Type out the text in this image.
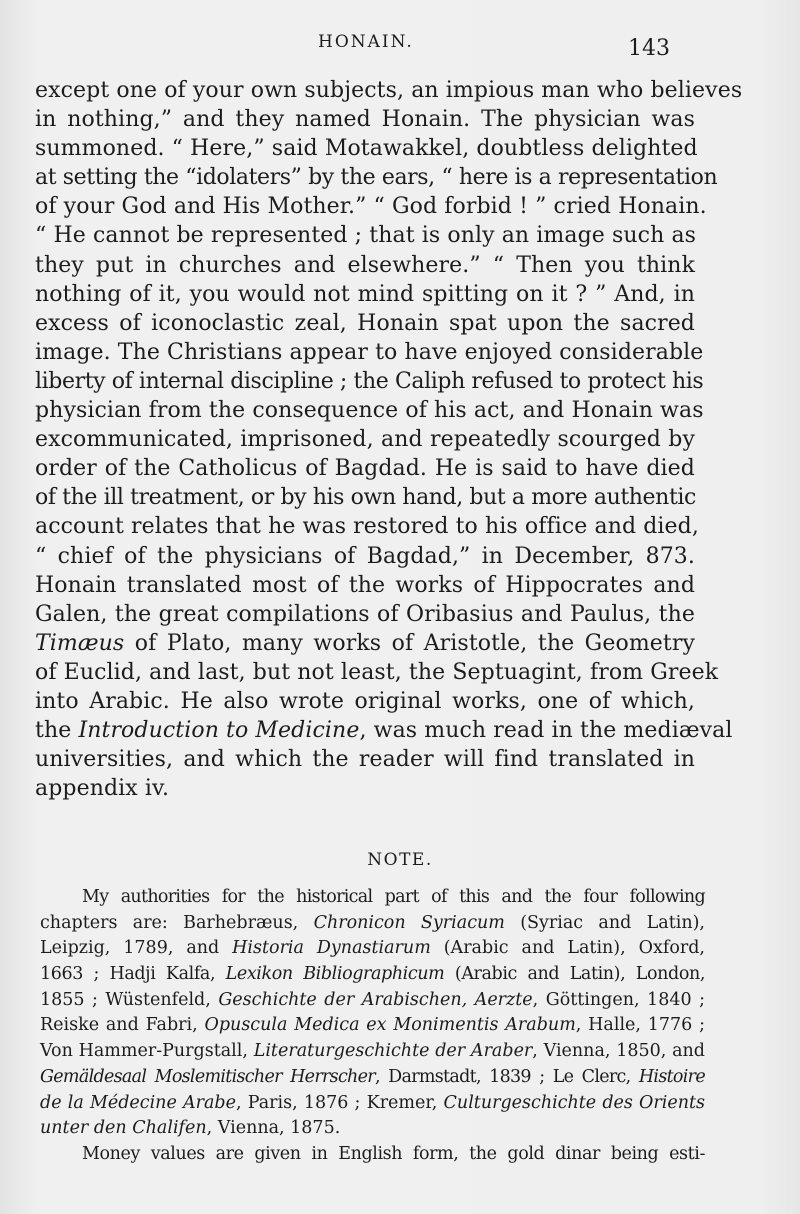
HONAIN.	143
except one of your own subjects, an impious man who believes
in nothing,” and they named Honain. The physician was
summoned. “ Here,” said Motawakkel, doubtless delighted
at setting the “idolaters” by the ears, “ here is a representation
of your God and His Mother.” “ God forbid ! ” cried Honain.
“ He cannot be represented ; that is only an image such as
they put in churches and elsewhere.” “ Then you think
nothing of it, you would not mind spitting on it ? ” And, in
excess of iconoclastic zeal, Honain spat upon the sacred
image. The Christians appear to have enjoyed considerable
liberty of internal discipline ; the Caliph refused to protect his
physician from the consequence of his act, and Honain was
excommunicated, imprisoned, and repeatedly scourged by
order of the Catholicus of Bagdad. He is said to have died
of the ill treatment, or by his own hand, but a more authentic
account relates that he was restored to his office and died,
“ chief of the physicians of Bagdad,” in December, 873.
Honain translated most of the works of Hippocrates and
Galen, the great compilations of Oribasius and Paulus, the
Timæus of Plato, many works of Aristotle, the Geometry
of Euclid, and last, but not least, the Septuagint, from Greek
into Arabic. He also wrote original works, one of which,
the Introduction to Medicine, was much read in the mediæval
universities, and which the reader will find translated in
appendix iv.
NOTE.
My authorities for the historical part of this and the four following
chapters are: Barhebræus, Chronicon Syriacum (Syriac and Latin),
Leipzig, 1789, and Historia Dynastiarum (Arabic and Latin), Oxford,
1663 ; Hadji Kalfa, Lexikon Bibliographicum (Arabic and Latin), London,
1855 ; Wüstenfeld, Geschichte der Arabischen, Aerzte, Göttingen, 1840 ;
Reiske and Fabri, Opuscula Medica ex Monimentis Arabum, Halle, 1776 ;
Von Hammer-Purgstall, Literaturgeschichte der Araber, Vienna, 1850, and
Gemäldesaal Moslemitischer Herrscher, Darmstadt, 1839 ; Le Clerc, Histoire
de la Médecine Arabe, Paris, 1876 ; Kremer, Culturgeschichte des Orients
unter den Chalifen, Vienna, 1875.
Money values are given in English form, the gold dinar being esti-
